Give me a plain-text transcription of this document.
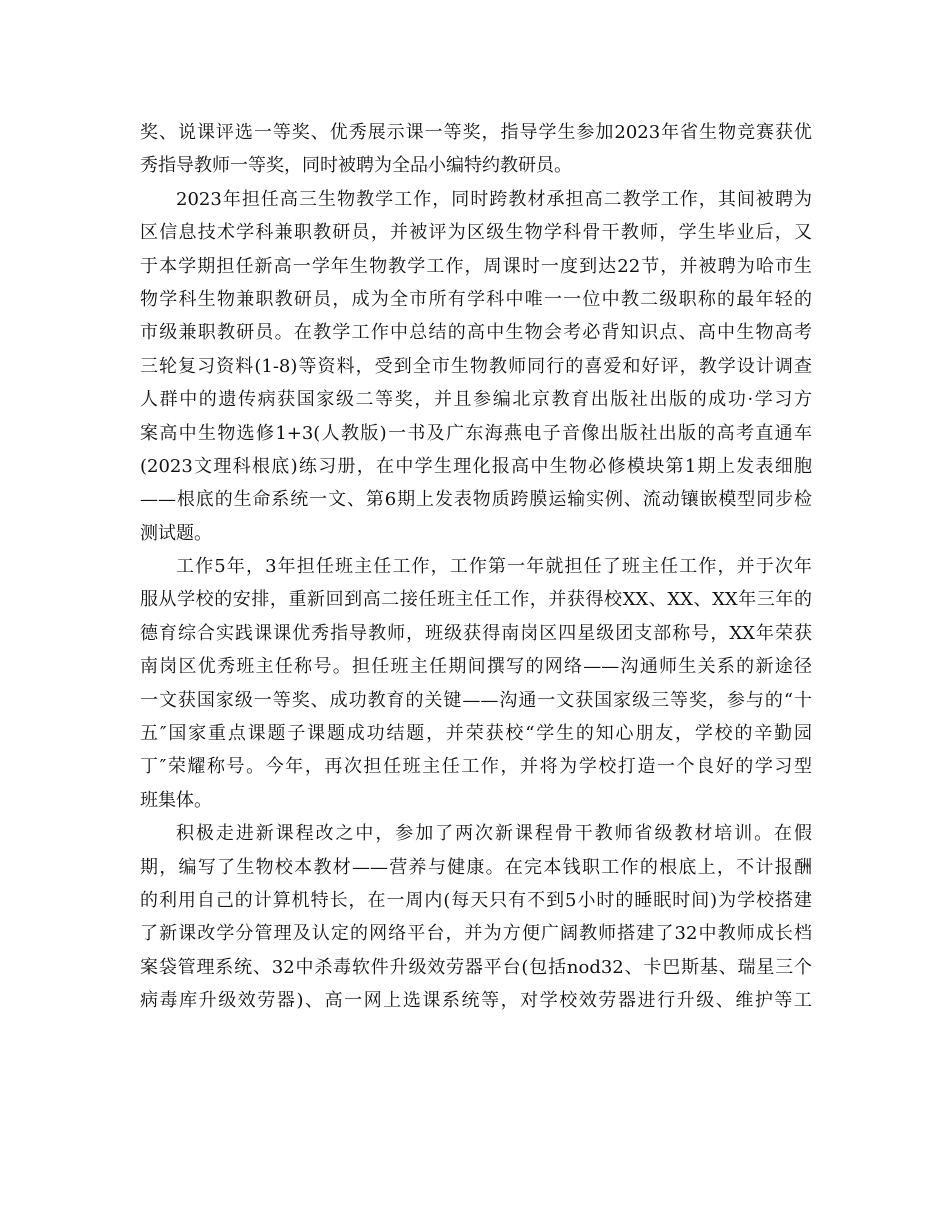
奖、说课评选一等奖、优秀展示课一等奖，指导学生参加2023年省生物竞赛获优
秀指导教师一等奖，同时被聘为全品小编特约教研员。
2023年担任高三生物教学工作，同时跨教材承担高二教学工作，其间被聘为
区信息技术学科兼职教研员，并被评为区级生物学科骨干教师，学生毕业后，又
于本学期担任新高一学年生物教学工作，周课时一度到达22节，并被聘为哈市生
物学科生物兼职教研员，成为全市所有学科中唯一一位中教二级职称的最年轻的
市级兼职教研员。在教学工作中总结的高中生物会考必背知识点、高中生物高考
三轮复习资料(1-8)等资料，受到全市生物教师同行的喜爱和好评，教学设计调查
人群中的遗传病获国家级二等奖，并且参编北京教育出版社出版的成功·学习方
案高中生物选修1+3(人教版)一书及广东海燕电子音像出版社出版的高考直通车
(2023文理科根底)练习册，在中学生理化报高中生物必修模块第1期上发表细胞
——根底的生命系统一文、第6期上发表物质跨膜运输实例、流动镶嵌模型同步检
测试题。
工作5年，3年担任班主任工作，工作第一年就担任了班主任工作，并于次年
服从学校的安排，重新回到高二接任班主任工作，并获得校XX、XX、XX年三年的
德育综合实践课课优秀指导教师，班级获得南岗区四星级团支部称号，XX年荣获
南岗区优秀班主任称号。担任班主任期间撰写的网络——沟通师生关系的新途径
一文获国家级一等奖、成功教育的关键——沟通一文获国家级三等奖，参与的“十
五″国家重点课题子课题成功结题，并荣获校“学生的知心朋友，学校的辛勤园
丁″荣耀称号。今年，再次担任班主任工作，并将为学校打造一个良好的学习型
班集体。
积极走进新课程改之中，参加了两次新课程骨干教师省级教材培训。在假
期，编写了生物校本教材——营养与健康。在完本钱职工作的根底上，不计报酬
的利用自己的计算机特长，在一周内(每天只有不到5小时的睡眠时间)为学校搭建
了新课改学分管理及认定的网络平台，并为方便广阔教师搭建了32中教师成长档
案袋管理系统、32中杀毒软件升级效劳器平台(包括nod32、卡巴斯基、瑞星三个
病毒库升级效劳器)、高一网上选课系统等，对学校效劳器进行升级、维护等工
